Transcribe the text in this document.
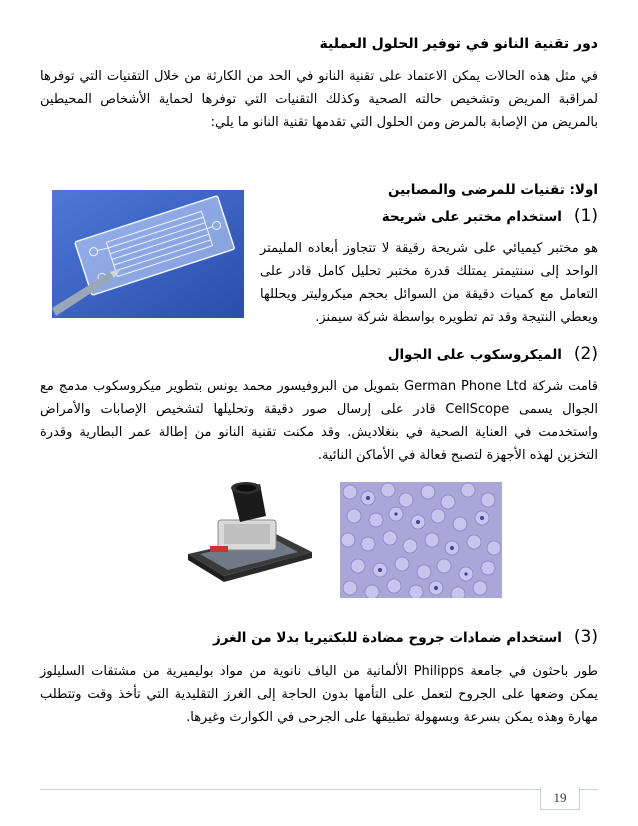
دور تقنية النانو في توفير الحلول العملية
في مثل هذه الحالات يمكن الاعتماد على تقنية النانو في الحد من الكارثة من خلال التقنيات التي توفرها لمراقبة المريض وتشخيص حالته الصحية وكذلك التقنيات التي توفرها لحماية الأشخاص المحيطين بالمريض من الإصابة بالمرض ومن الحلول التي تقدمها تقنية النانو ما يلي:
اولا: تقنيات للمرضى والمصابين
(1)استخدام مختبر على شريحة
هو مختبر كيميائي على شريحة رقيقة لا تتجاوز أبعاده المليمتر الواحد إلى سنتيمتر يمتلك قدرة مختبر تحليل كامل قادر على التعامل مع كميات دقيقة من السوائل بحجم ميكروليتر ويحللها ويعطي النتيجة وقد تم تطويره بواسطة شركة سيمنز.
(2)الميكروسكوب على الجوال
قامت شركة German Phone Ltd بتمويل من البروفيسور محمد يونس بتطوير ميكروسكوب مدمج مع الجوال يسمى CellScope قادر على إرسال صور دقيقة وتحليلها لتشخيص الإصابات والأمراض واستخدمت في العناية الصحية في بنغلاديش. وقد مكنت تقنية النانو من إطالة عمر البطارية وقدرة التخزين لهذه الأجهزة لتصبح فعالة في الأماكن النائية.
(3)استخدام ضمادات جروح مضادة للبكتيريا بدلا من الغرز
طور باحثون في جامعة Philipps الألمانية من الياف نانوية من مواد بوليميرية من مشتقات السليلوز يمكن وضعها على الجروح لتعمل على التأمها بدون الحاجة إلى الغرز التقليدية التي تأخذ وقت وتتطلب مهارة وهذه يمكن بسرعة وبسهولة تطبيقها على الجرحى في الكوارث وغيرها.
19
